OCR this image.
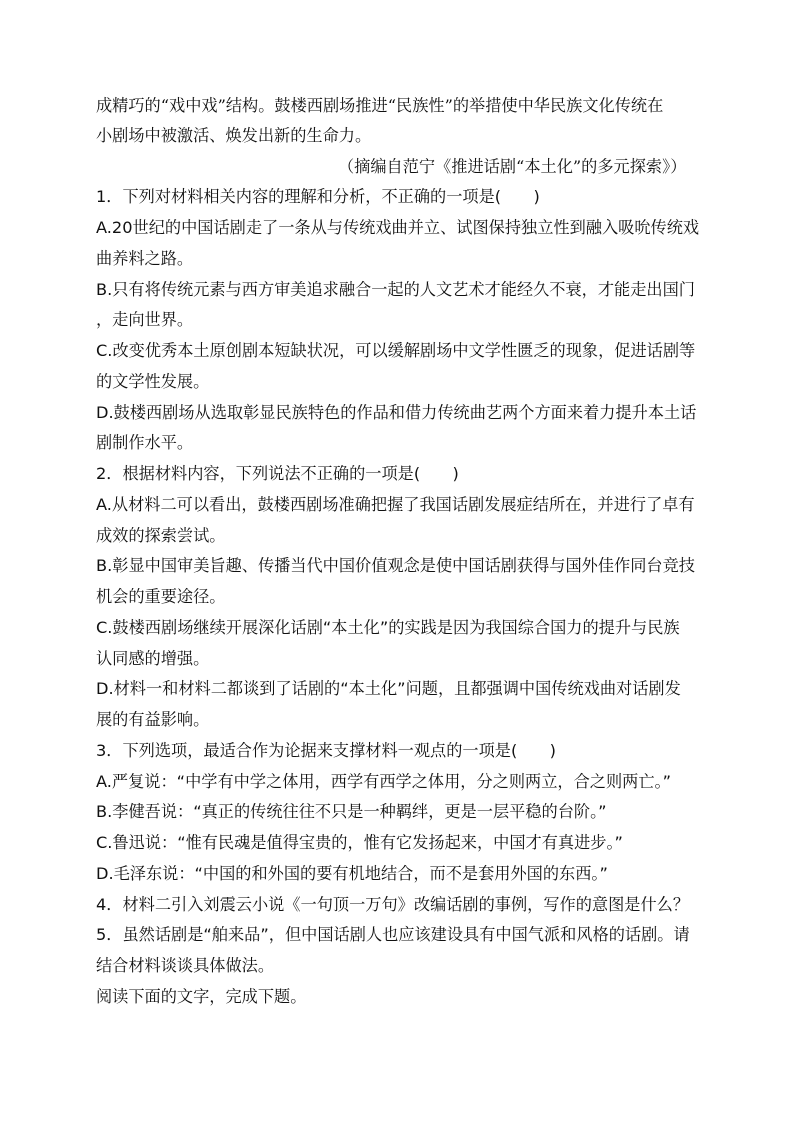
成精巧的“戏中戏”结构。鼓楼西剧场推进“民族性”的举措使中华民族文化传统在
小剧场中被激活、焕发出新的生命力。
（摘编自范宁《推进话剧“本土化”的多元探索》）
1．下列对材料相关内容的理解和分析，不正确的一项是(　　)
A.20世纪的中国话剧走了一条从与传统戏曲并立、试图保持独立性到融入吸吮传统戏
曲养料之路。
B.只有将传统元素与西方审美追求融合一起的人文艺术才能经久不衰，才能走出国门
，走向世界。
C.改变优秀本土原创剧本短缺状况，可以缓解剧场中文学性匮乏的现象，促进话剧等
的文学性发展。
D.鼓楼西剧场从选取彰显民族特色的作品和借力传统曲艺两个方面来着力提升本土话
剧制作水平。
2．根据材料内容，下列说法不正确的一项是(　　)
A.从材料二可以看出，鼓楼西剧场准确把握了我国话剧发展症结所在，并进行了卓有
成效的探索尝试。
B.彰显中国审美旨趣、传播当代中国价值观念是使中国话剧获得与国外佳作同台竞技
机会的重要途径。
C.鼓楼西剧场继续开展深化话剧“本土化”的实践是因为我国综合国力的提升与民族
认同感的增强。
D.材料一和材料二都谈到了话剧的“本土化”问题，且都强调中国传统戏曲对话剧发
展的有益影响。
3．下列选项，最适合作为论据来支撑材料一观点的一项是(　　)
A.严复说：“中学有中学之体用，西学有西学之体用，分之则两立，合之则两亡。”
B.李健吾说：“真正的传统往往不只是一种羁绊，更是一层平稳的台阶。”
C.鲁迅说：“惟有民魂是值得宝贵的，惟有它发扬起来，中国才有真进步。”
D.毛泽东说：“中国的和外国的要有机地结合，而不是套用外国的东西。”
4．材料二引入刘震云小说《一句顶一万句》改编话剧的事例，写作的意图是什么？
5．虽然话剧是“舶来品”，但中国话剧人也应该建设具有中国气派和风格的话剧。请
结合材料谈谈具体做法。
阅读下面的文字，完成下题。
